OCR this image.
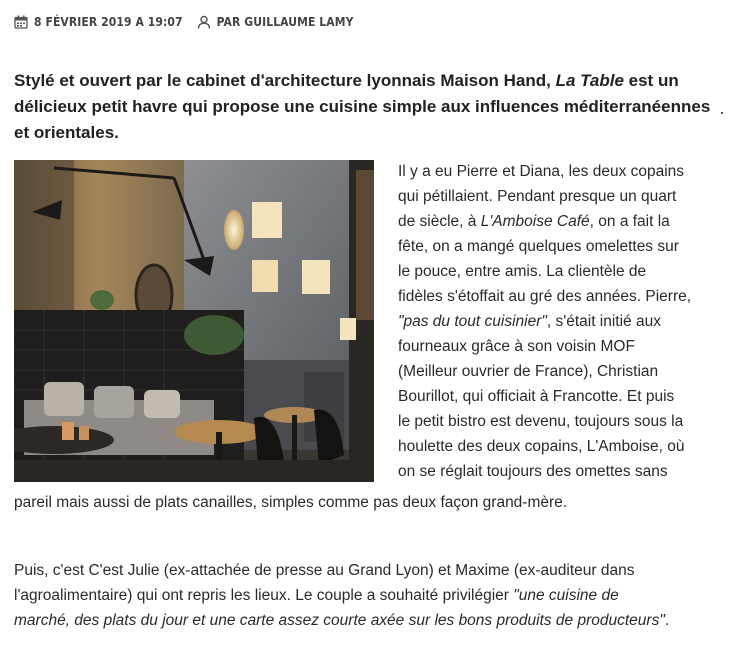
8 FÉVRIER 2019 A 19:07	PAR GUILLAUME LAMY

Stylé et ouvert par le cabinet d'architecture lyonnais Maison Hand, La Table est un délicieux petit havre qui propose une cuisine simple aux influences méditerranéennes et orientales.

Il y a eu Pierre et Diana, les deux copains
qui pétillaient. Pendant presque un quart
de siècle, à L'Amboise Café, on a fait la
fête, on a mangé quelques omelettes sur
le pouce, entre amis. La clientèle de
fidèles s'étoffait au gré des années. Pierre,
"pas du tout cuisinier", s'était initié aux
fourneaux grâce à son voisin MOF
(Meilleur ouvrier de France), Christian
Bourillot, qui officiait à Francotte. Et puis
le petit bistro est devenu, toujours sous la
houlette des deux copains, L'Amboise, où
on se réglait toujours des omettes sans
pareil mais aussi de plats canailles, simples comme pas deux façon grand-mère.
Puis, c'est C'est Julie (ex-attachée de presse au Grand Lyon) et Maxime (ex-auditeur dans
l'agroalimentaire) qui ont repris les lieux. Le couple a souhaité privilégier "une cuisine de
marché, des plats du jour et une carte assez courte axée sur les bons produits de producteurs".
